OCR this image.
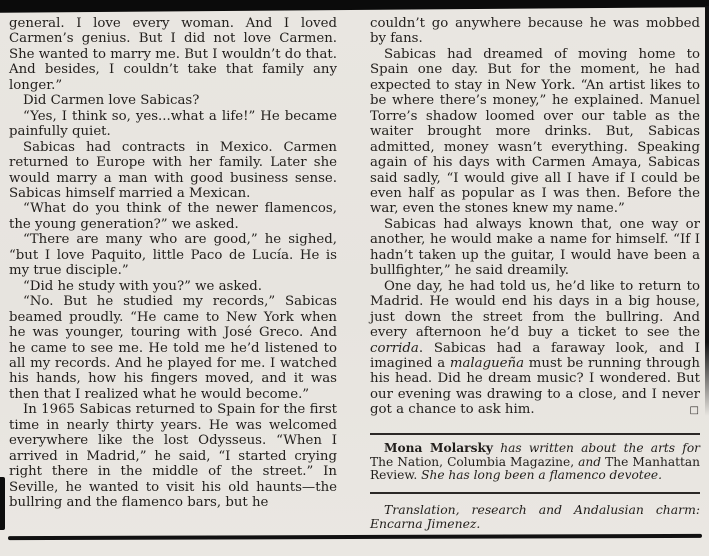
general. I love every woman. And I loved Carmen’s genius. But I did not love Carmen. She wanted to marry me. But I wouldn’t do that. And besides, I couldn’t take that family any longer.”

Did Carmen love Sabicas?

“Yes, I think so, yes...what a life!” He became painfully quiet.

Sabicas had contracts in Mexico. Carmen returned to Europe with her family. Later she would marry a man with good business sense. Sabicas himself married a Mexican.

“What do you think of the newer flamencos, the young generation?” we asked.

“There are many who are good,” he sighed, “but I love Paquito, little Paco de Lucía. He is my true disciple.”

“Did he study with you?” we asked.

“No. But he studied my records,” Sabicas beamed proudly. “He came to New York when he was younger, touring with José Greco. And he came to see me. He told me he’d listened to all my records. And he played for me. I watched his hands, how his fingers moved, and it was then that I realized what he would become.”

In 1965 Sabicas returned to Spain for the first time in nearly thirty years. He was welcomed everywhere like the lost Odysseus. “When I arrived in Madrid,” he said, “I started crying right there in the middle of the street.” In Seville, he wanted to visit his old haunts—the bullring and the flamenco bars, but he

couldn’t go anywhere because he was mobbed by fans.

Sabicas had dreamed of moving home to Spain one day. But for the moment, he had expected to stay in New York. “An artist likes to be where there’s money,” he explained. Manuel Torre’s shadow loomed over our table as the waiter brought more drinks. But, Sabicas admitted, money wasn’t everything. Speaking again of his days with Carmen Amaya, Sabicas said sadly, “I would give all I have if I could be even half as popular as I was then. Before the war, even the stones knew my name.”

Sabicas had always known that, one way or another, he would make a name for himself. “If I hadn’t taken up the guitar, I would have been a bullfighter,” he said dreamily.

One day, he had told us, he’d like to return to Madrid. He would end his days in a big house, just down the street from the bullring. And every afternoon he’d buy a ticket to see the corrida. Sabicas had a faraway look, and I imagined a malagueña must be running through his head. Did he dream music? I wondered. But our evening was drawing to a close, and I never got a chance to ask him.	□

Mona Molarsky has written about the arts for The Nation, Columbia Magazine, and The Manhattan Review. She has long been a flamenco devotee.

Translation, research and Andalusian charm: Encarna Jimenez.
